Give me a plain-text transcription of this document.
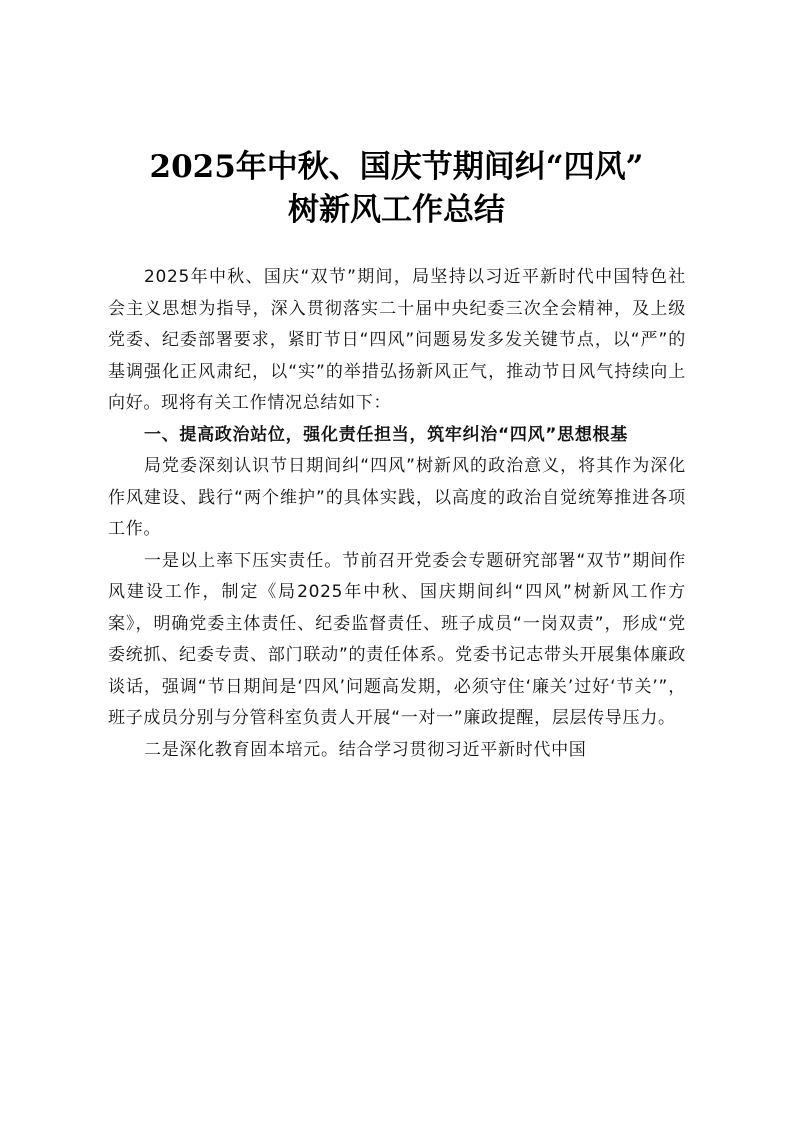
2025年中秋、国庆节期间纠“四风”
树新风工作总结

2025年中秋、国庆“双节”期间，局坚持以习近平新时代中国特色社会主义思想为指导，深入贯彻落实二十届中央纪委三次全会精神，及上级党委、纪委部署要求，紧盯节日“四风”问题易发多发关键节点，以“严”的基调强化正风肃纪，以“实”的举措弘扬新风正气，推动节日风气持续向上向好。现将有关工作情况总结如下：

一、提高政治站位，强化责任担当，筑牢纠治“四风”思想根基

局党委深刻认识节日期间纠“四风”树新风的政治意义，将其作为深化作风建设、践行“两个维护”的具体实践，以高度的政治自觉统筹推进各项工作。

一是以上率下压实责任。节前召开党委会专题研究部署“双节”期间作风建设工作，制定《局2025年中秋、国庆期间纠“四风”树新风工作方案》，明确党委主体责任、纪委监督责任、班子成员“一岗双责”，形成“党委统抓、纪委专责、部门联动”的责任体系。党委书记志带头开展集体廉政谈话，强调“节日期间是‘四风’问题高发期，必须守住‘廉关’过好‘节关’”，班子成员分别与分管科室负责人开展“一对一”廉政提醒，层层传导压力。

二是深化教育固本培元。结合学习贯彻习近平新时代中国
